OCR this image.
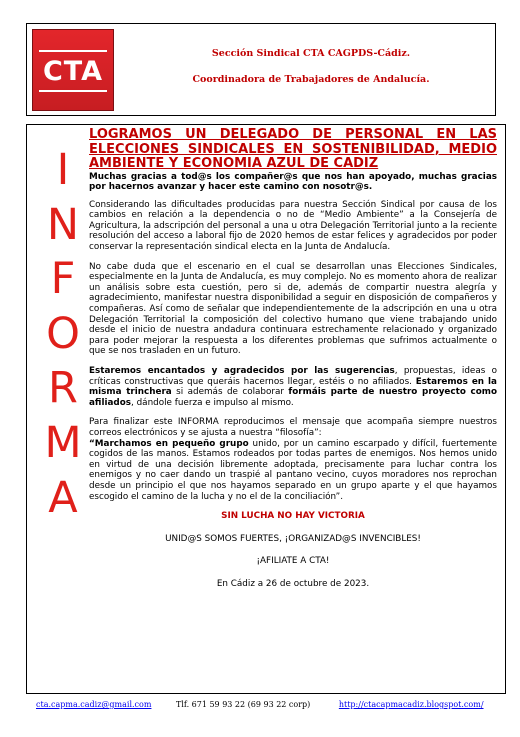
CTA
Sección Sindical CTA CAGPDS-Cádiz.
Coordinadora de Trabajadores de Andalucía.
I
N
F
O
R
M
A

LOGRAMOS UN DELEGADO DE PERSONAL EN LAS ELECCIONES SINDICALES EN SOSTENIBILIDAD, MEDIO AMBIENTE Y ECONOMIA AZUL DE CADIZ

Muchas gracias a tod@s los compañer@s que nos han apoyado, muchas gracias por hacernos avanzar y hacer este camino con nosotr@s.

Considerando las dificultades producidas para nuestra Sección Sindical por causa de los cambios en relación a la dependencia o no de “Medio Ambiente” a la Consejería de Agricultura, la adscripción del personal a una u otra Delegación Territorial junto a la reciente resolución del acceso a laboral fijo de 2020 hemos de estar felices y agradecidos por poder conservar la representación sindical electa en la Junta de Andalucía.

No cabe duda que el escenario en el cual se desarrollan unas Elecciones Sindicales, especialmente en la Junta de Andalucía, es muy complejo. No es momento ahora de realizar un análisis sobre esta cuestión, pero si de, además de compartir nuestra alegría y agradecimiento, manifestar nuestra disponibilidad a seguir en disposición de compañeros y compañeras. Así como de señalar que independientemente de la adscripción en una u otra Delegación Territorial la composición del colectivo humano que viene trabajando unido desde el inicio de nuestra andadura continuara estrechamente relacionado y organizado para poder mejorar la respuesta a los diferentes problemas que sufrimos actualmente o que se nos trasladen en un futuro.

Estaremos encantados y agradecidos por las sugerencias, propuestas, ideas o críticas constructivas que queráis hacernos llegar, estéis o no afiliados. Estaremos en la misma trinchera si además de colaborar formáis parte de nuestro proyecto como afiliados, dándole fuerza e impulso al mismo.

Para finalizar este INFORMA reproducimos el mensaje que acompaña siempre nuestros correos electrónicos y se ajusta a nuestra “filosofía”:

“Marchamos en pequeño grupo unido, por un camino escarpado y difícil, fuertemente cogidos de las manos. Estamos rodeados por todas partes de enemigos. Nos hemos unido en virtud de una decisión libremente adoptada, precisamente para luchar contra los enemigos y no caer dando un traspié al pantano vecino, cuyos moradores nos reprochan desde un principio el que nos hayamos separado en un grupo aparte y el que hayamos escogido el camino de la lucha y no el de la conciliación”.

SIN LUCHA NO HAY VICTORIA

UNID@S SOMOS FUERTES, ¡ORGANIZAD@S INVENCIBLES!

¡AFILIATE A CTA!

En Cádiz a 26 de octubre de 2023.

cta.capma.cadiz@gmail.com	Tlf. 671 59 93 22 (69 93 22 corp)	http://ctacapmacadiz.blogspot.com/
